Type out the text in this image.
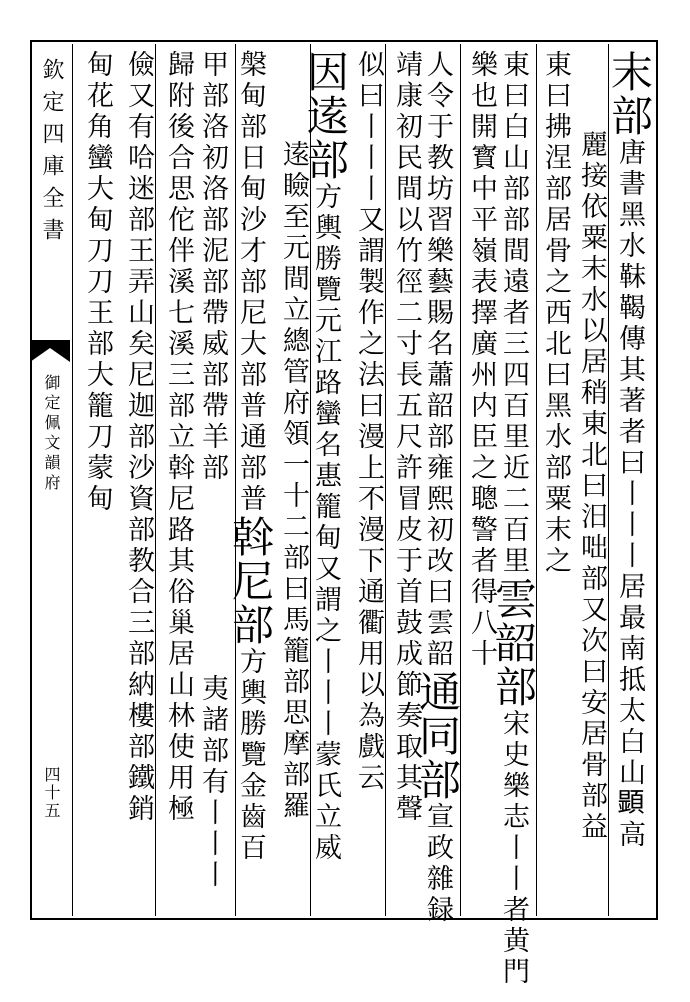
末部唐書黑水靺鞨傳其著者曰丨丨丨居最南抵太白山𩔰高
麗接依粟末水以居稍東北曰汨咄部又次曰安居骨部益
東曰拂涅部居骨之西北曰黑水部粟末之
東曰白山部部間遠者三四百里近二百里雲韶部宋史樂志丨丨者黄門
樂也開寳中平嶺表擇廣州内臣之聰警者得八十
人令于教坊習樂藝賜名蕭韶部雍熙初改曰雲韶通同部宣政雜録
靖康初民間以竹徑二寸長五尺許冒皮于首鼓成節奏取其聲
似曰丨丨丨又謂製作之法曰漫上不漫下通衢用以為戲云
因逺部方輿勝覽元江路蠻名惠籠甸又謂之丨丨丨蒙氏立威
逺瞼至元間立總管府領一十二部曰馬籠部思摩部羅
槃甸部日甸沙才部尼大部普通部普斡尼部方輿勝覽金齒百
甲部洛初洛部泥部帶威部帶羊部夷諸部有丨丨丨
歸附後合思佗伴溪七溪三部立斡尼路其俗巢居山林使用極
儉又有哈迷部王弄山矣尼迦部沙資部教合三部納樓部鐵銷
甸花角蠻大甸刀刀王部大籠刀蒙甸
欽定四庫全書
御定佩文韻府
四十五
